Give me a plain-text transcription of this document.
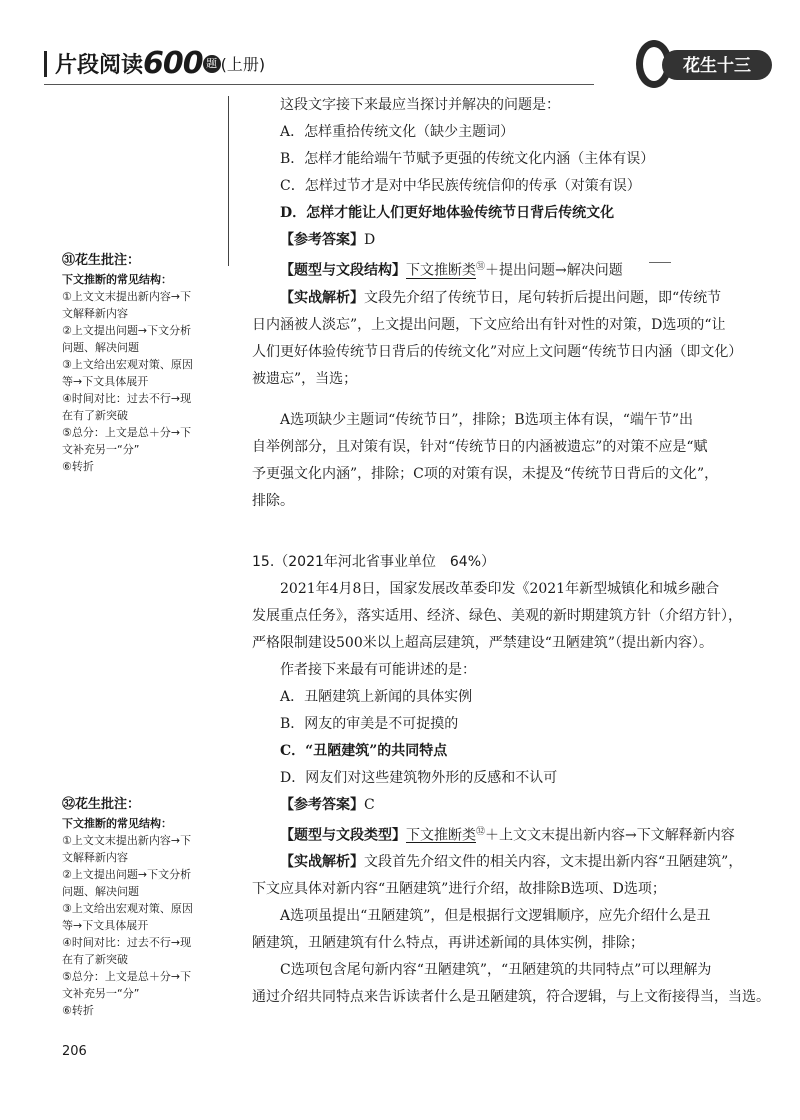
片段阅读600 题 (上册)	花生十三
这段文字接下来最应当探讨并解决的问题是：
A．怎样重拾传统文化（缺少主题词）
B．怎样才能给端午节赋予更强的传统文化内涵（主体有误）
C．怎样过节才是对中华民族传统信仰的传承（对策有误）
D．怎样才能让人们更好地体验传统节日背后传统文化
【参考答案】D
【题型与文段结构】下文推断类$^㉛$＋提出问题→解决问题
【实战解析】文段先介绍了传统节日，尾句转折后提出问题，即“传统节
日内涵被人淡忘”，上文提出问题，下文应给出有针对性的对策，D选项的“让
人们更好体验传统节日背后的传统文化”对应上文问题“传统节日内涵（即文化）
被遗忘”，当选；
A选项缺少主题词“传统节日”，排除；B选项主体有误，“端午节”出
自举例部分，且对策有误，针对“传统节日的内涵被遗忘”的对策不应是“赋
予更强文化内涵”，排除；C项的对策有误，未提及“传统节日背后的文化”，
排除。
15.（2021年河北省事业单位　64%）
2021年4月8日，国家发展改革委印发《2021年新型城镇化和城乡融合
发展重点任务》，落实适用、经济、绿色、美观的新时期建筑方针（介绍方针），
严格限制建设500米以上超高层建筑，严禁建设“丑陋建筑”（提出新内容）。
作者接下来最有可能讲述的是：
A．丑陋建筑上新闻的具体实例
B．网友的审美是不可捉摸的
C．“丑陋建筑”的共同特点
D．网友们对这些建筑物外形的反感和不认可
【参考答案】C
【题型与文段类型】下文推断类$^㉜$＋上文文末提出新内容→下文解释新内容
【实战解析】文段首先介绍文件的相关内容，文末提出新内容“丑陋建筑”，
下文应具体对新内容“丑陋建筑”进行介绍，故排除B选项、D选项；
A选项虽提出“丑陋建筑”，但是根据行文逻辑顺序，应先介绍什么是丑
陋建筑，丑陋建筑有什么特点，再讲述新闻的具体实例，排除；
C选项包含尾句新内容“丑陋建筑”，“丑陋建筑的共同特点”可以理解为
通过介绍共同特点来告诉读者什么是丑陋建筑，符合逻辑，与上文衔接得当，当选。
㉛花生批注：
下文推断的常见结构：
①上文文末提出新内容→下
文解释新内容
②上文提出问题→下文分析
问题、解决问题
③上文给出宏观对策、原因
等→下文具体展开
④时间对比：过去不行→现
在有了新突破
⑤总分：上文是总＋分→下
文补充另一“分”
⑥转折
㉜花生批注：
下文推断的常见结构：
①上文文末提出新内容→下
文解释新内容
②上文提出问题→下文分析
问题、解决问题
③上文给出宏观对策、原因
等→下文具体展开
④时间对比：过去不行→现
在有了新突破
⑤总分：上文是总＋分→下
文补充另一“分”
⑥转折
206
